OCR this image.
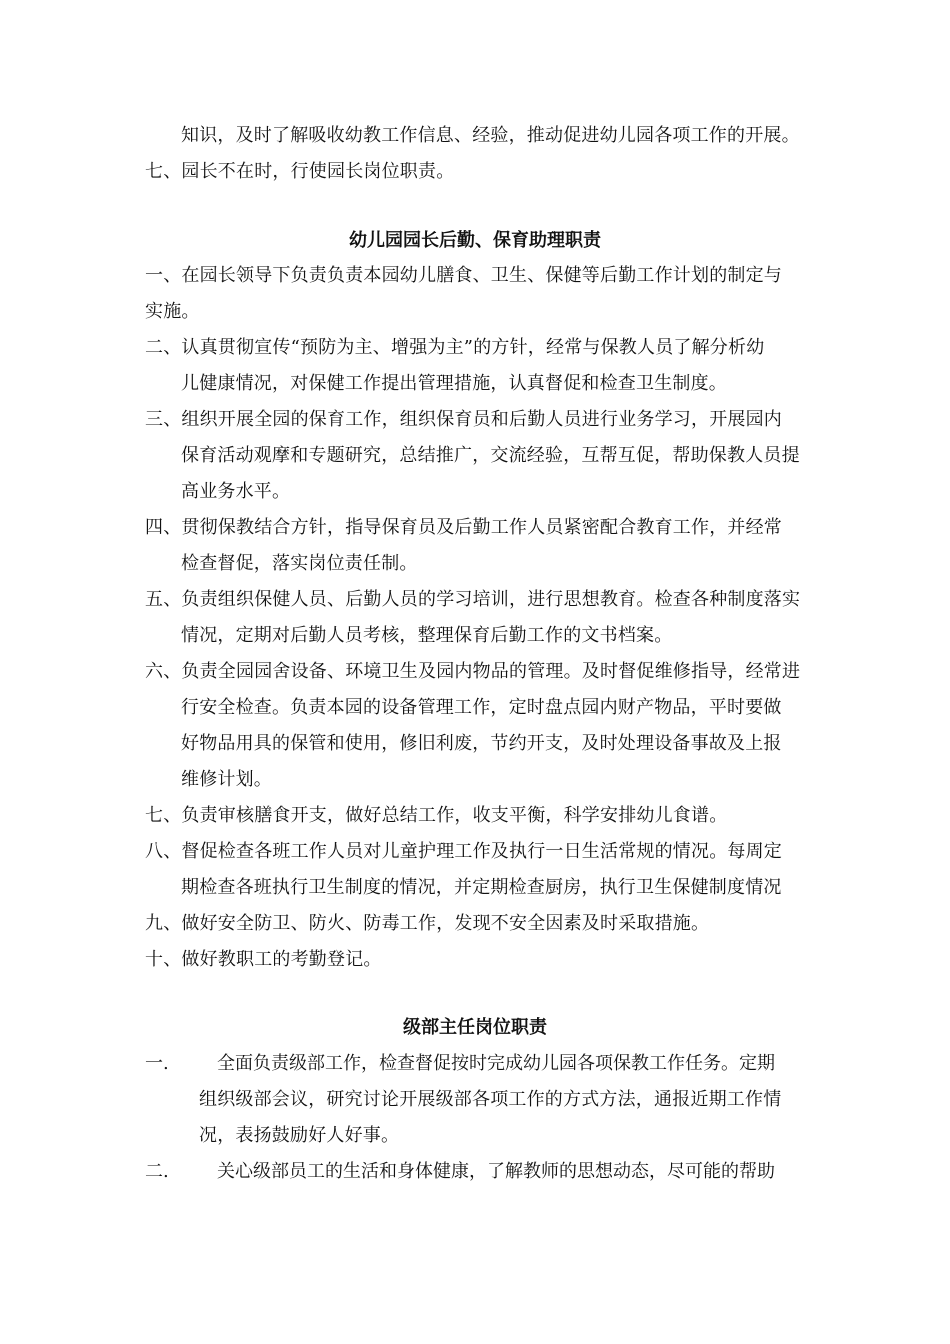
知识，及时了解吸收幼教工作信息、经验，推动促进幼儿园各项工作的开展。
七、园长不在时，行使园长岗位职责。
幼儿园园长后勤、保育助理职责
一、在园长领导下负责负责本园幼儿膳食、卫生、保健等后勤工作计划的制定与
实施。
二、认真贯彻宣传“预防为主、增强为主”的方针，经常与保教人员了解分析幼
儿健康情况，对保健工作提出管理措施，认真督促和检查卫生制度。
三、组织开展全园的保育工作，组织保育员和后勤人员进行业务学习，开展园内
保育活动观摩和专题研究，总结推广，交流经验，互帮互促，帮助保教人员提
高业务水平。
四、贯彻保教结合方针，指导保育员及后勤工作人员紧密配合教育工作，并经常
检查督促，落实岗位责任制。
五、负责组织保健人员、后勤人员的学习培训，进行思想教育。检查各种制度落实
情况，定期对后勤人员考核，整理保育后勤工作的文书档案。
六、负责全园园舍设备、环境卫生及园内物品的管理。及时督促维修指导，经常进
行安全检查。负责本园的设备管理工作，定时盘点园内财产物品，平时要做
好物品用具的保管和使用，修旧利废，节约开支，及时处理设备事故及上报
维修计划。
七、负责审核膳食开支，做好总结工作，收支平衡，科学安排幼儿食谱。
八、督促检查各班工作人员对儿童护理工作及执行一日生活常规的情况。每周定
期检查各班执行卫生制度的情况，并定期检查厨房，执行卫生保健制度情况
九、做好安全防卫、防火、防毒工作，发现不安全因素及时采取措施。
十、做好教职工的考勤登记。
级部主任岗位职责
一.	全面负责级部工作，检查督促按时完成幼儿园各项保教工作任务。定期
组织级部会议，研究讨论开展级部各项工作的方式方法，通报近期工作情
况，表扬鼓励好人好事。
二.	关心级部员工的生活和身体健康，了解教师的思想动态，尽可能的帮助
